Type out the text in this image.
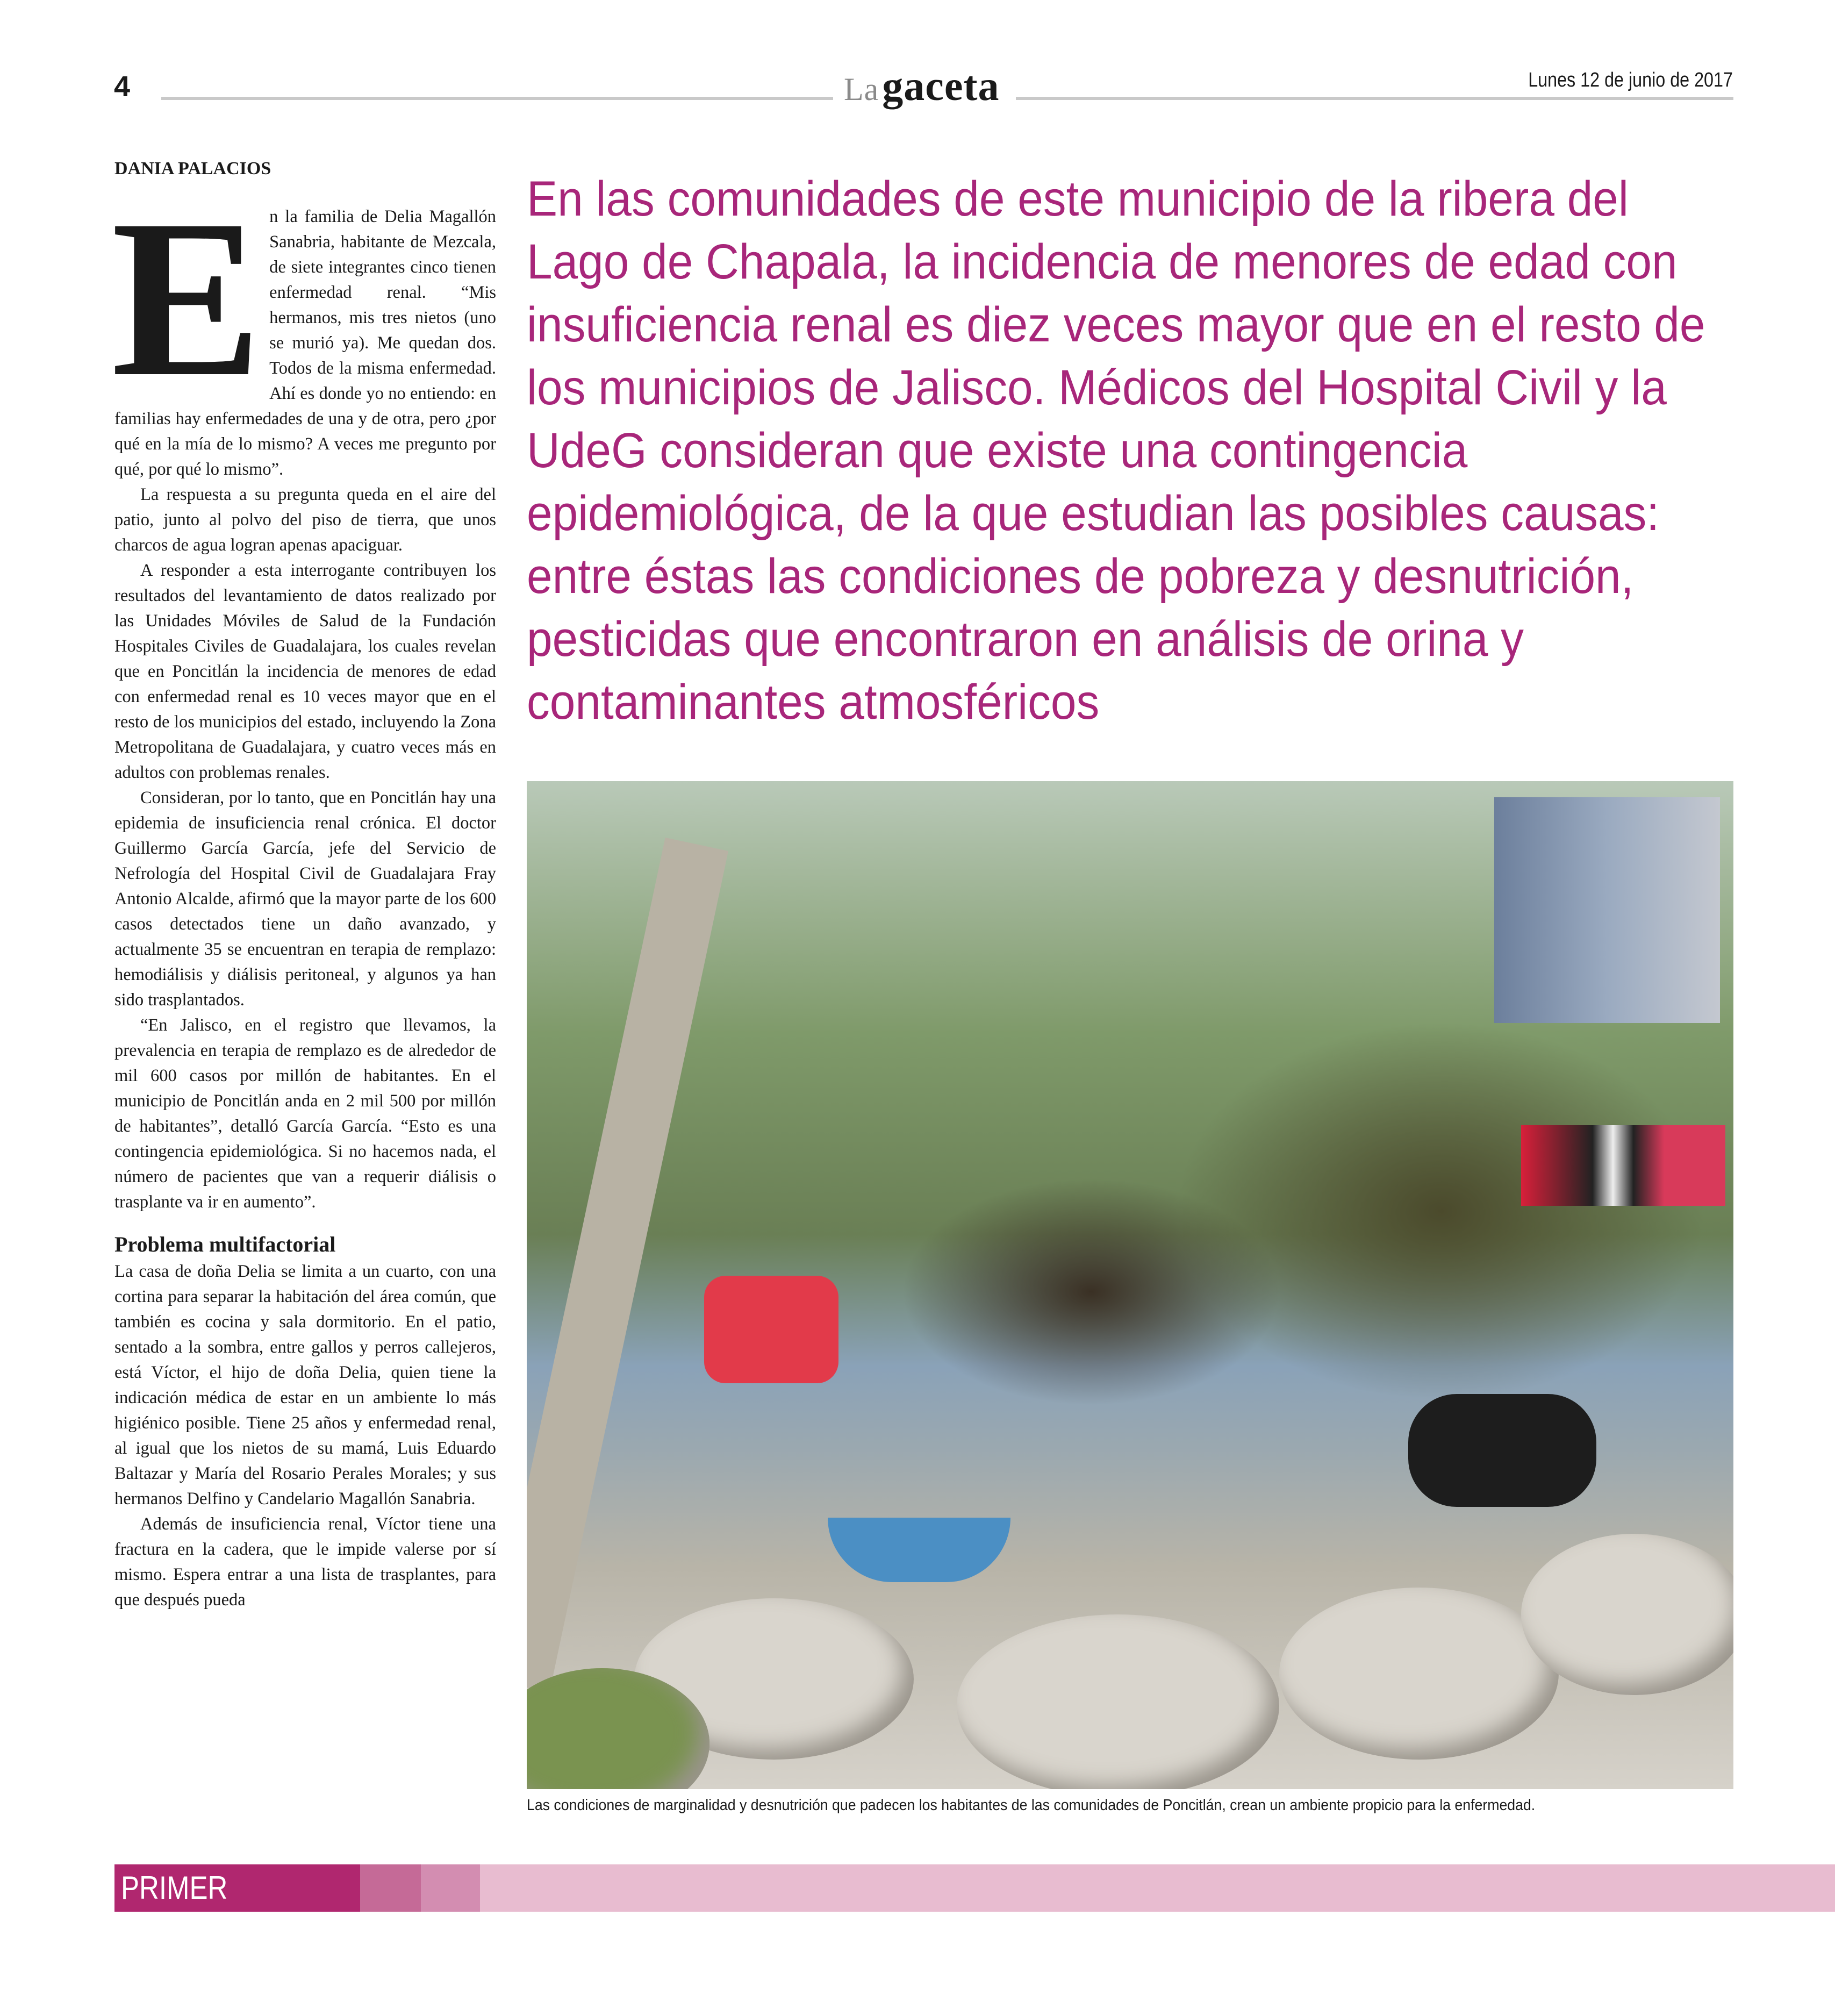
4	Lagaceta	Lunes 12 de junio de 2017
DANIA PALACIOS

En la familia de Delia Magallón Sanabria, habitante de Mezcala, de siete integrantes cinco tienen enfermedad renal. “Mis hermanos, mis tres nietos (uno se murió ya). Me quedan dos. Todos de la misma enfermedad. Ahí es donde yo no entiendo: en familias hay enfermedades de una y de otra, pero ¿por qué en la mía de lo mismo? A veces me pregunto por qué, por qué lo mismo”.

La respuesta a su pregunta queda en el aire del patio, junto al polvo del piso de tierra, que unos charcos de agua logran apenas apaciguar.

A responder a esta interrogante contribuyen los resultados del levantamiento de datos realizado por las Unidades Móviles de Salud de la Fundación Hospitales Civiles de Guadalajara, los cuales revelan que en Poncitlán la incidencia de menores de edad con enfermedad renal es 10 veces mayor que en el resto de los municipios del estado, incluyendo la Zona Metropolitana de Guadalajara, y cuatro veces más en adultos con problemas renales.

Consideran, por lo tanto, que en Poncitlán hay una epidemia de insuficiencia renal crónica. El doctor Guillermo García García, jefe del Servicio de Nefrología del Hospital Civil de Guadalajara Fray Antonio Alcalde, afirmó que la mayor parte de los 600 casos detectados tiene un daño avanzado, y actualmente 35 se encuentran en terapia de remplazo: hemodiálisis y diálisis peritoneal, y algunos ya han sido trasplantados.

“En Jalisco, en el registro que llevamos, la prevalencia en terapia de remplazo es de alrededor de mil 600 casos por millón de habitantes. En el municipio de Poncitlán anda en 2 mil 500 por millón de habitantes”, detalló García García. “Esto es una contingencia epidemiológica. Si no hacemos nada, el número de pacientes que van a requerir diálisis o trasplante va ir en aumento”.

Problema multifactorial

La casa de doña Delia se limita a un cuarto, con una cortina para separar la habitación del área común, que también es cocina y sala dormitorio. En el patio, sentado a la sombra, entre gallos y perros callejeros, está Víctor, el hijo de doña Delia, quien tiene la indicación médica de estar en un ambiente lo más higiénico posible. Tiene 25 años y enfermedad renal, al igual que los nietos de su mamá, Luis Eduardo Baltazar y María del Rosario Perales Morales; y sus hermanos Delfino y Candelario Magallón Sanabria.

Además de insuficiencia renal, Víctor tiene una fractura en la cadera, que le impide valerse por sí mismo. Espera entrar a una lista de trasplantes, para que después pueda

En las comunidades de este municipio de la ribera del Lago de Chapala, la incidencia de menores de edad con insuficiencia renal es diez veces mayor que en el resto de los municipios de Jalisco. Médicos del Hospital Civil y la UdeG consideran que existe una contingencia epidemiológica, de la que estudian las posibles causas: entre éstas las condiciones de pobreza y desnutrición, pesticidas que encontraron en análisis de orina y contaminantes atmosféricos
Las condiciones de marginalidad y desnutrición que padecen los habitantes de las comunidades de Poncitlán, crean un ambiente propicio para la enfermedad.
PRIMER PLANO
